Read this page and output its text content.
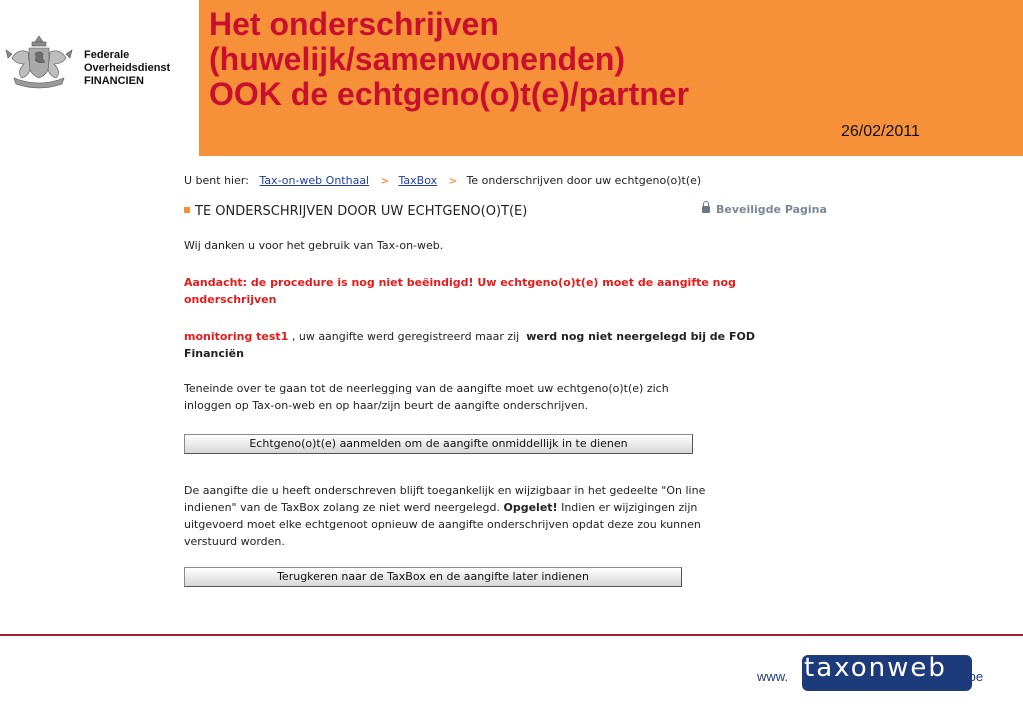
Federale
Overheidsdienst
FINANCIEN
Het onderschrijven
(huwelijk/samenwonenden)
OOK de echtgeno(o)t(e)/partner
26/02/2011
U bent hier: Tax-on-web Onthaal > TaxBox > Te onderschrijven door uw echtgeno(o)t(e)
TE ONDERSCHRIJVEN DOOR UW ECHTGENO(O)T(E)	Beveiligde Pagina
Wij danken u voor het gebruik van Tax-on-web.
Aandacht: de procedure is nog niet beëindigd! Uw echtgeno(o)t(e) moet de aangifte nog
onderschrijven
monitoring test1 , uw aangifte werd geregistreerd maar zij  werd nog niet neergelegd bij de FOD
Financiën
Teneinde over te gaan tot de neerlegging van de aangifte moet uw echtgeno(o)t(e) zich
inloggen op Tax-on-web en op haar/zijn beurt de aangifte onderschrijven.
Echtgeno(o)t(e) aanmelden om de aangifte onmiddellijk in te dienen
De aangifte die u heeft onderschreven blijft toegankelijk en wijzigbaar in het gedeelte "On line
indienen" van de TaxBox zolang ze niet werd neergelegd. Opgelet! Indien er wijzigingen zijn
uitgevoerd moet elke echtgenoot opnieuw de aangifte onderschrijven opdat deze zou kunnen
verstuurd worden.
Terugkeren naar de TaxBox en de aangifte later indienen
www. taxonweb .be
